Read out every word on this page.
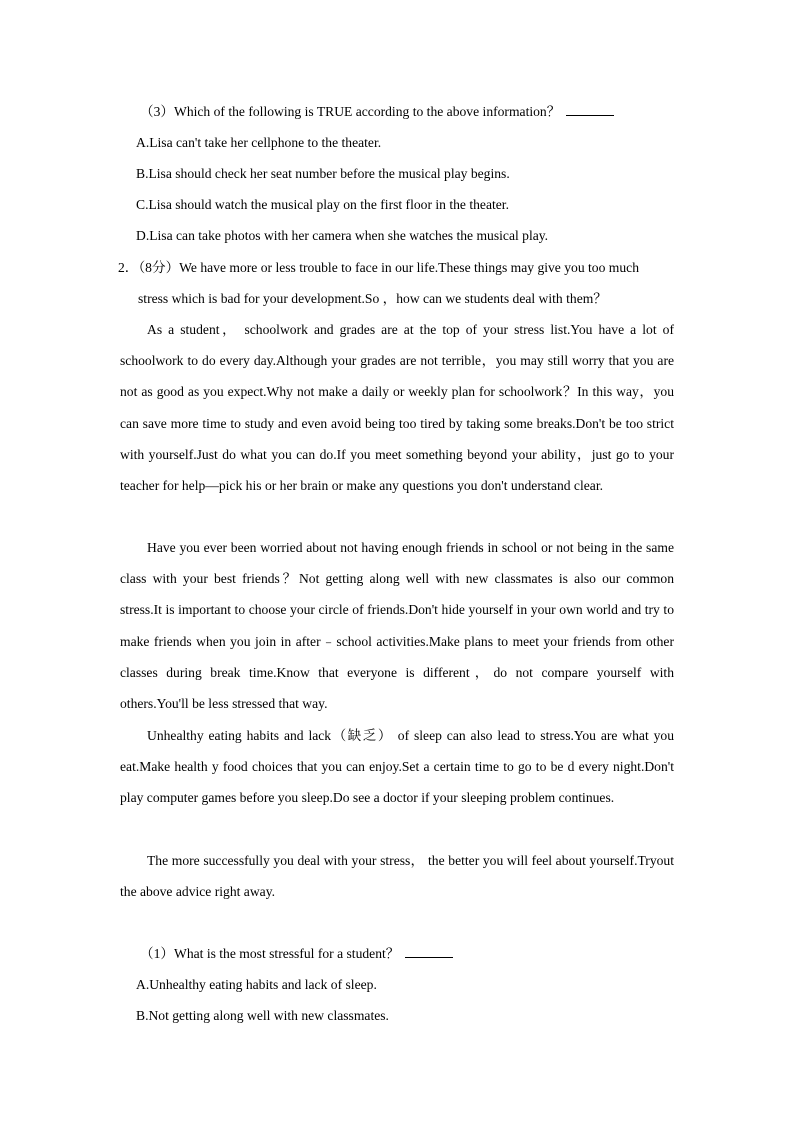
（3）Which of the following is TRUE according to the above information？
A.Lisa can't take her cellphone to the theater.
B.Lisa should check her seat number before the musical play begins.
C.Lisa should watch the musical play on the first floor in the theater.
D.Lisa can take photos with her camera when she watches the musical play.
2．（8分）We have more or less trouble to face in our life.These things may give you too much
stress which is bad for your development.So ，how can we students deal with them？
As a student， schoolwork and grades are at the top of your stress list.You have a lot of schoolwork to do every day.Although your grades are not terrible，you may still worry that you are not as good as you expect.Why not make a daily or weekly plan for schoolwork？In this way，you can save more time to study and even avoid being too tired by taking some breaks.Don't be too strict with yourself.Just do what you can do.If you meet something beyond your ability，just go to your teacher for help—pick his or her brain or make any questions you don't understand clear.
Have you ever been worried about not having enough friends in school or not being in the same class with your best friends？Not getting along well with new classmates is also our common stress.It is important to choose your circle of friends.Don't hide yourself in your own world and try to make friends when you join in after﹣school activities.Make plans to meet your friends from other classes during break time.Know that everyone is different，do not compare yourself with others.You'll be less stressed that way.
Unhealthy eating habits and lack（缺乏） of sleep can also lead to stress.You are what you eat.Make health y food choices that you can enjoy.Set a certain time to go to be d every night.Don't play computer games before you sleep.Do see a doctor if your sleeping problem continues.
The more successfully you deal with your stress， the better you will feel about yourself.Tryout the above advice right away.
（1）What is the most stressful for a student？
A.Unhealthy eating habits and lack of sleep.
B.Not getting along well with new classmates.
